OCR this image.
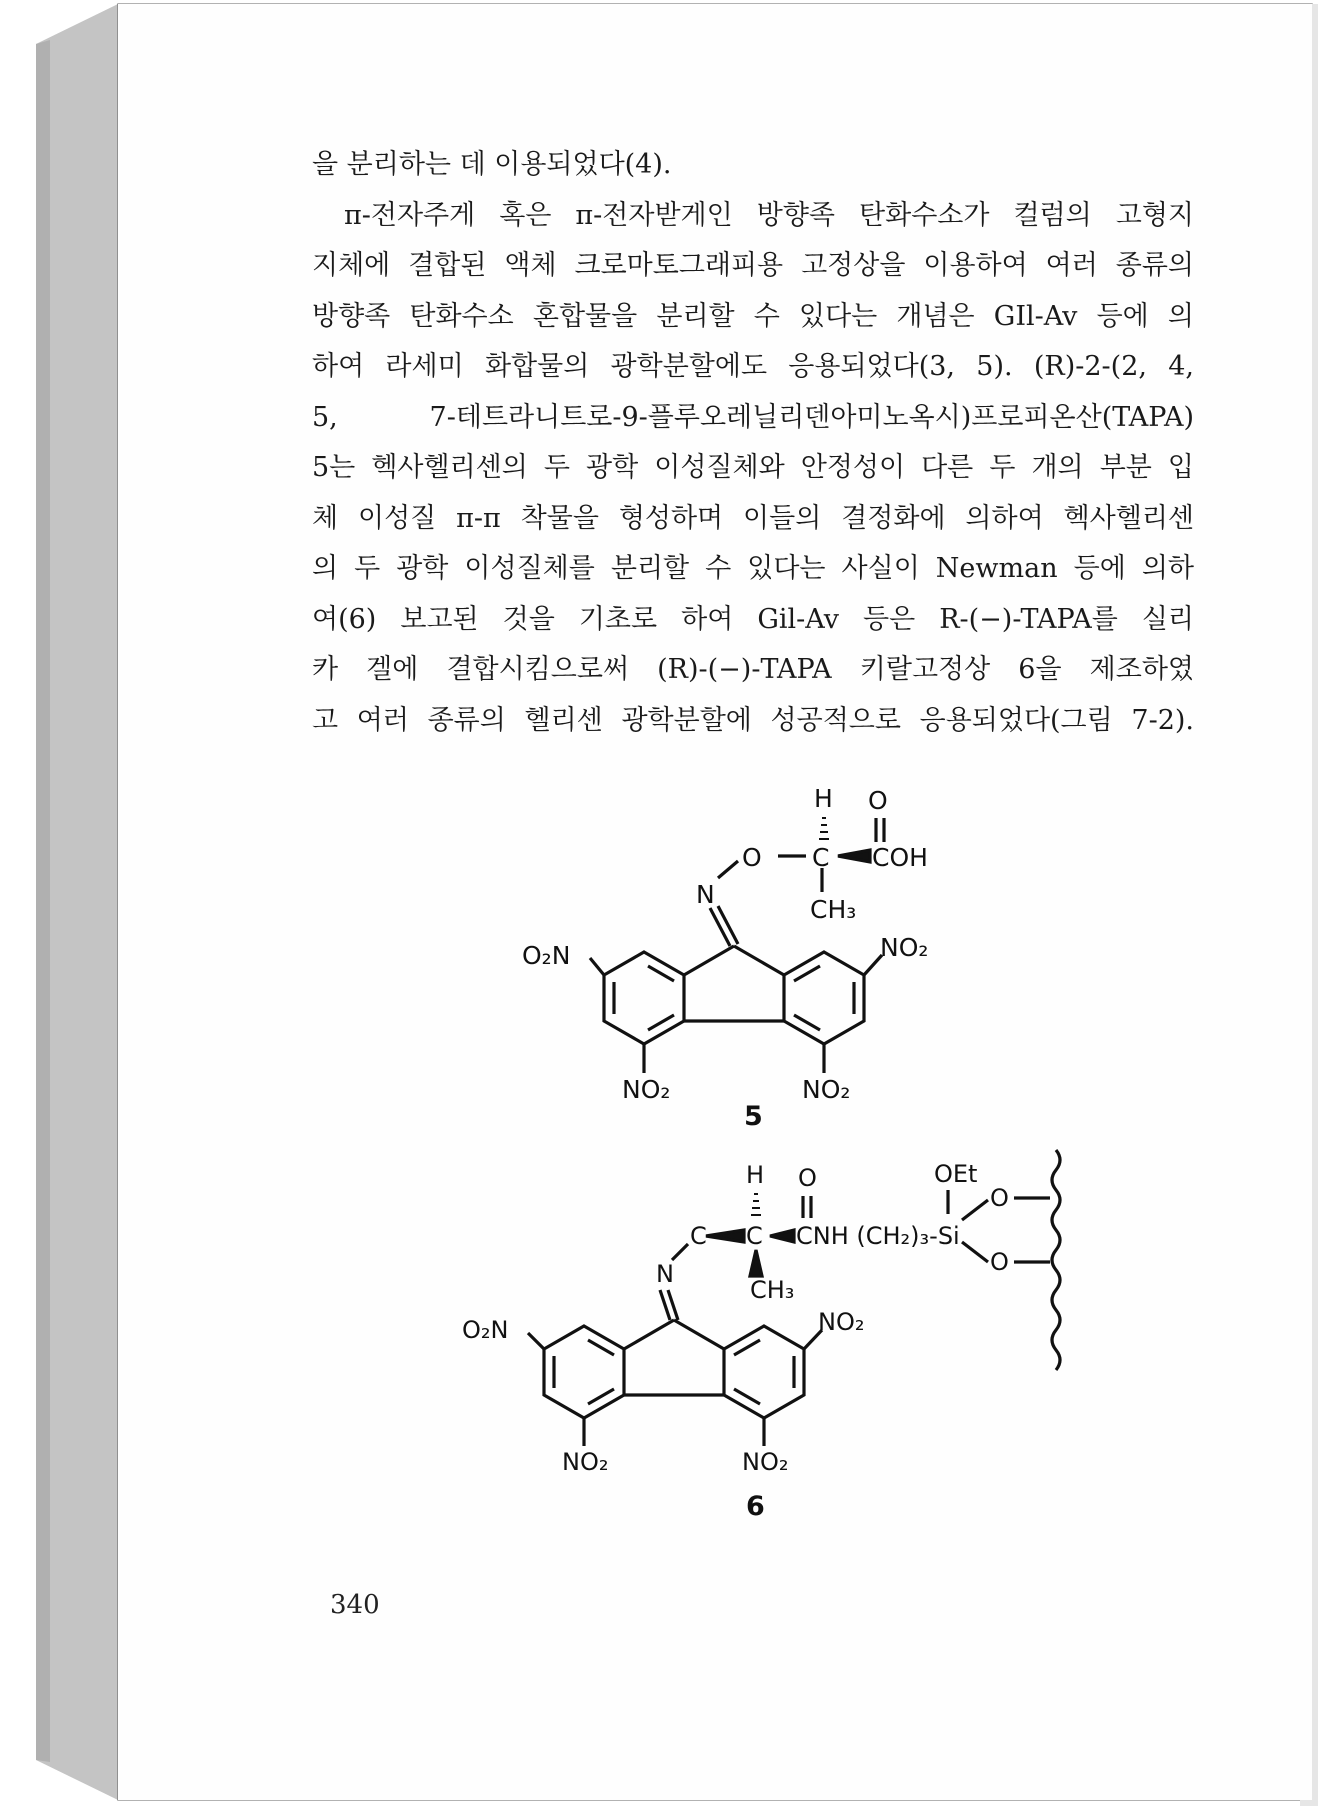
을 분리하는 데 이용되었다(4).

π-전자주게 혹은 π-전자받게인 방향족 탄화수소가 컬럼의 고형지

지체에 결합된 액체 크로마토그래피용 고정상을 이용하여 여러 종류의

방향족 탄화수소 혼합물을 분리할 수 있다는 개념은 GIl-Av 등에 의

하여 라세미 화합물의 광학분할에도 응용되었다(3, 5). (R)-2-(2, 4,

5, 7-테트라니트로-9-플루오레닐리덴아미노옥시)프로피온산(TAPA)

5는 헥사헬리센의 두 광학 이성질체와 안정성이 다른 두 개의 부분 입

체 이성질 π-π 착물을 형성하며 이들의 결정화에 의하여 헥사헬리센

의 두 광학 이성질체를 분리할 수 있다는 사실이 Newman 등에 의하

여(6) 보고된 것을 기초로 하여 Gil-Av 등은 R-(−)-TAPA를 실리

카 겔에 결합시킴으로써 (R)-(−)-TAPA 키랄고정상 6을 제조하였

고 여러 종류의 헬리센 광학분할에 성공적으로 응용되었다(그림 7-2).

H O
O C COH
N
CH₃
O₂N	NO₂
NO₂	NO₂
5
H O
C C CNH (CH₂)₃-Si
OEt
O
O
N
CH₃
O₂N	NO₂
NO₂	NO₂
6
340
